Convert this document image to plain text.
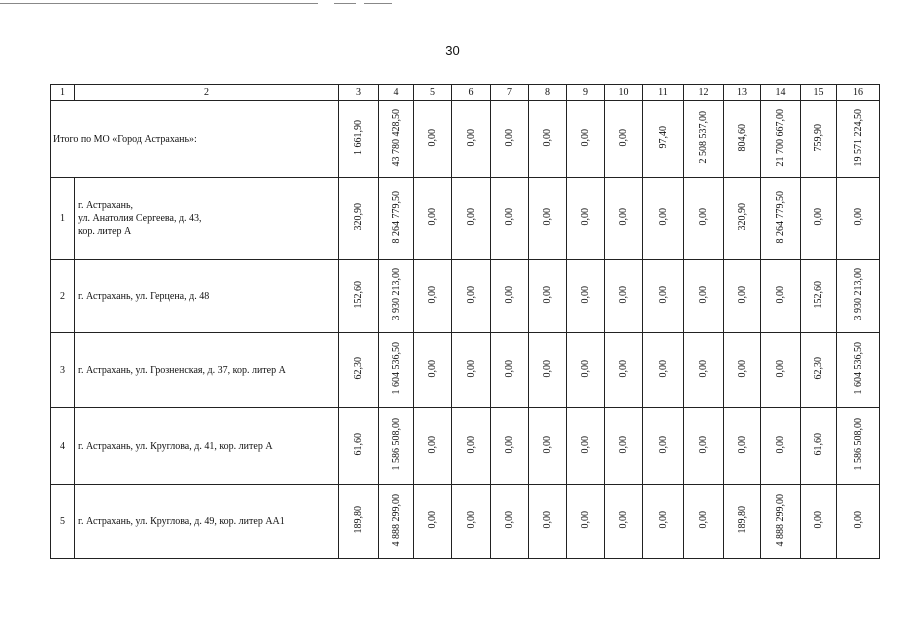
30
1	2	3	4	5	6	7	8	9	10	11	12	13	14	15	16
Итого по МО «Город Астрахань»:		1 661,90	43 780 428,50	0,00	0,00	0,00	0,00	0,00	0,00	97,40	2 508 537,00	804,60	21 700 667,00	759,90	19 571 224,50
1	г. Астрахань,
ул. Анатолия Сергеева, д. 43,
кор. литер А	320,90	8 264 779,50	0,00	0,00	0,00	0,00	0,00	0,00	0,00	0,00	320,90	8 264 779,50	0,00	0,00
2	г. Астрахань, ул. Герцена, д. 48	152,60	3 930 213,00	0,00	0,00	0,00	0,00	0,00	0,00	0,00	0,00	0,00	0,00	152,60	3 930 213,00
3	г. Астрахань, ул. Грозненская, д. 37, кор. литер А	62,30	1 604 536,50	0,00	0,00	0,00	0,00	0,00	0,00	0,00	0,00	0,00	0,00	62,30	1 604 536,50
4	г. Астрахань, ул. Круглова, д. 41, кор. литер А	61,60	1 586 508,00	0,00	0,00	0,00	0,00	0,00	0,00	0,00	0,00	0,00	0,00	61,60	1 586 508,00
5	г. Астрахань, ул. Круглова, д. 49, кор. литер АА1	189,80	4 888 299,00	0,00	0,00	0,00	0,00	0,00	0,00	0,00	0,00	189,80	4 888 299,00	0,00	0,00
